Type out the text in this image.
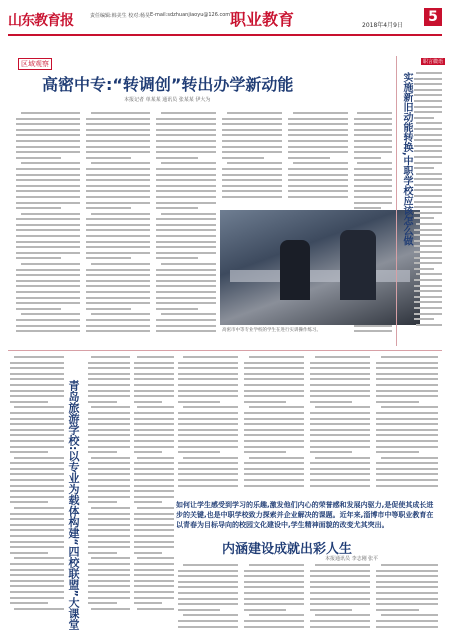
山东教育报	责任编辑:韩美生 校对:杨昊 E-mail:sdzhuanjiaoyu@126.com 职业教育	2018年4月9日
5
区域观察
高密中专:“转调创”转出办学新动能
本报记者 单某某 通讯员 张某某 伊大为
高密市中等专业学校的学生在进行实训操作练习。
职言微语
实施新旧动能转换,中职学校应该怎么做
青岛旅游学校:以专业为载体构建“四校联盟”大课堂	如何让学生感受到学习的乐趣,激发他们内心的荣誉感和发展内驱力,是促使其成长进步的关键,也是中职学校致力探索并企业解决的课题。近年来,淄博市中等职业教育在以青春为目标导向的校园文化建设中,学生精神面貌的改变尤其突出。
内涵建设成就出彩人生
本报通讯员 李志刚 张平
